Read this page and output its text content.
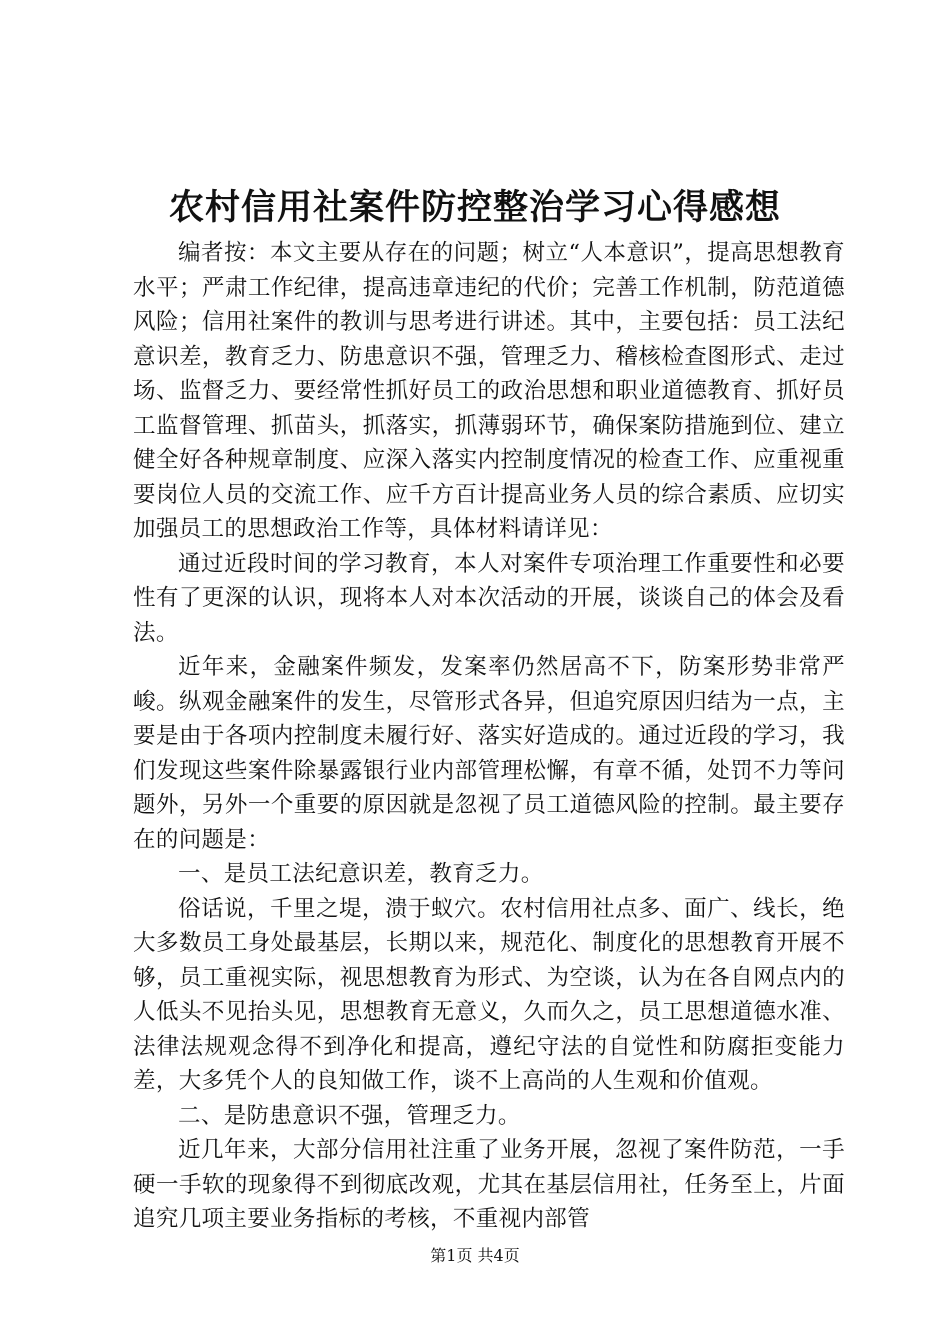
农村信用社案件防控整治学习心得感想

编者按：本文主要从存在的问题；树立“人本意识”，提高思想教育水平；严肃工作纪律，提高违章违纪的代价；完善工作机制，防范道德风险；信用社案件的教训与思考进行讲述。其中，主要包括：员工法纪意识差，教育乏力、防患意识不强，管理乏力、稽核检查图形式、走过场、监督乏力、要经常性抓好员工的政治思想和职业道德教育、抓好员工监督管理、抓苗头，抓落实，抓薄弱环节，确保案防措施到位、建立健全好各种规章制度、应深入落实内控制度情况的检查工作、应重视重要岗位人员的交流工作、应千方百计提高业务人员的综合素质、应切实加强员工的思想政治工作等，具体材料请详见：

通过近段时间的学习教育，本人对案件专项治理工作重要性和必要性有了更深的认识，现将本人对本次活动的开展，谈谈自己的体会及看法。

近年来，金融案件频发，发案率仍然居高不下，防案形势非常严峻。纵观金融案件的发生，尽管形式各异，但追究原因归结为一点，主要是由于各项内控制度未履行好、落实好造成的。通过近段的学习，我们发现这些案件除暴露银行业内部管理松懈，有章不循，处罚不力等问题外，另外一个重要的原因就是忽视了员工道德风险的控制。最主要存在的问题是：

一、是员工法纪意识差，教育乏力。

俗话说，千里之堤，溃于蚁穴。农村信用社点多、面广、线长，绝大多数员工身处最基层，长期以来，规范化、制度化的思想教育开展不够，员工重视实际，视思想教育为形式、为空谈，认为在各自网点内的人低头不见抬头见，思想教育无意义，久而久之，员工思想道德水准、法律法规观念得不到净化和提高，遵纪守法的自觉性和防腐拒变能力差，大多凭个人的良知做工作，谈不上高尚的人生观和价值观。

二、是防患意识不强，管理乏力。

近几年来，大部分信用社注重了业务开展，忽视了案件防范，一手硬一手软的现象得不到彻底改观，尤其在基层信用社，任务至上，片面追究几项主要业务指标的考核，不重视内部管

第1页 共4页
